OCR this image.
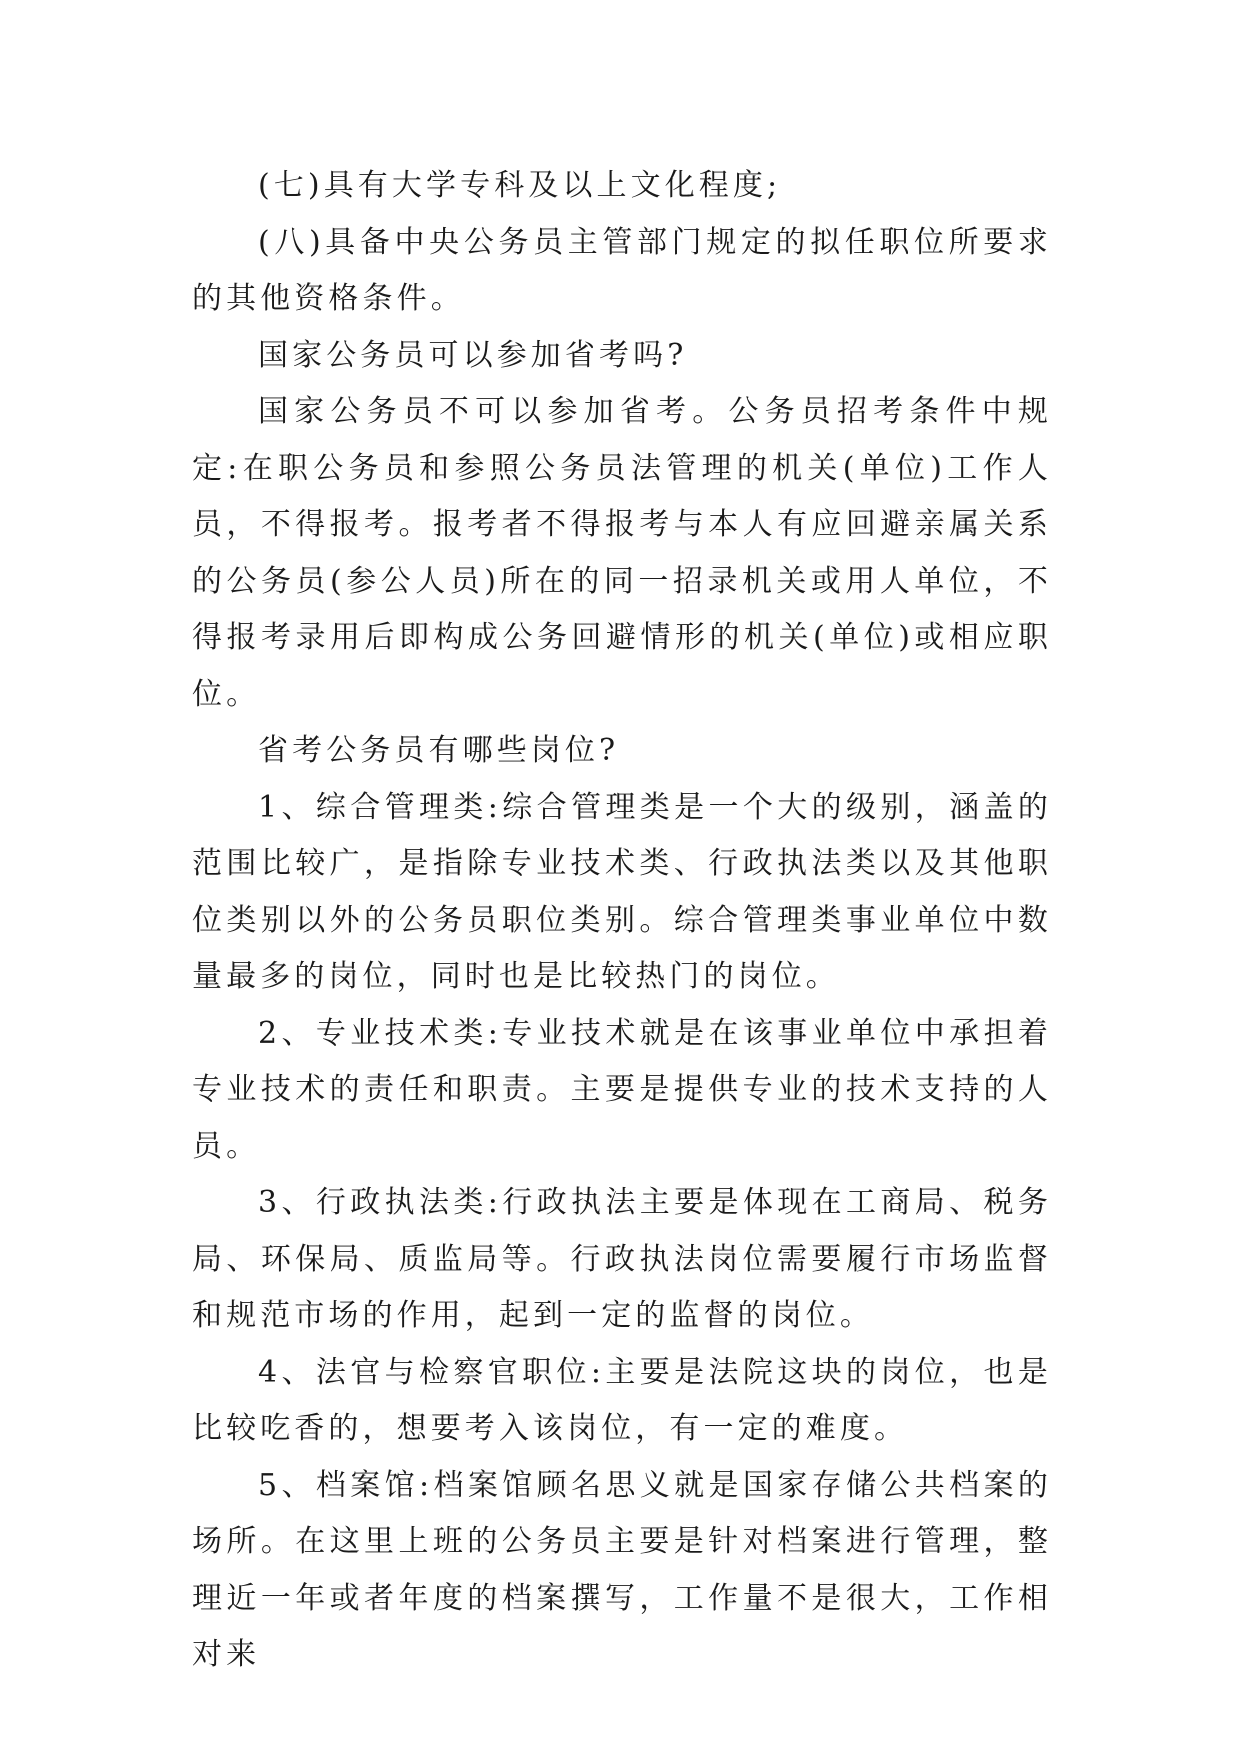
(七)具有大学专科及以上文化程度;

(八)具备中央公务员主管部门规定的拟任职位所要求的其他资格条件。

国家公务员可以参加省考吗?

国家公务员不可以参加省考。公务员招考条件中规定:在职公务员和参照公务员法管理的机关(单位)工作人员，不得报考。报考者不得报考与本人有应回避亲属关系的公务员(参公人员)所在的同一招录机关或用人单位，不得报考录用后即构成公务回避情形的机关(单位)或相应职位。

省考公务员有哪些岗位?

1、综合管理类:综合管理类是一个大的级别，涵盖的范围比较广，是指除专业技术类、行政执法类以及其他职位类别以外的公务员职位类别。综合管理类事业单位中数量最多的岗位，同时也是比较热门的岗位。

2、专业技术类:专业技术就是在该事业单位中承担着专业技术的责任和职责。主要是提供专业的技术支持的人员。

3、行政执法类:行政执法主要是体现在工商局、税务局、环保局、质监局等。行政执法岗位需要履行市场监督和规范市场的作用，起到一定的监督的岗位。

4、法官与检察官职位:主要是法院这块的岗位，也是比较吃香的，想要考入该岗位，有一定的难度。

5、档案馆:档案馆顾名思义就是国家存储公共档案的场所。在这里上班的公务员主要是针对档案进行管理，整理近一年或者年度的档案撰写，工作量不是很大，工作相对来
